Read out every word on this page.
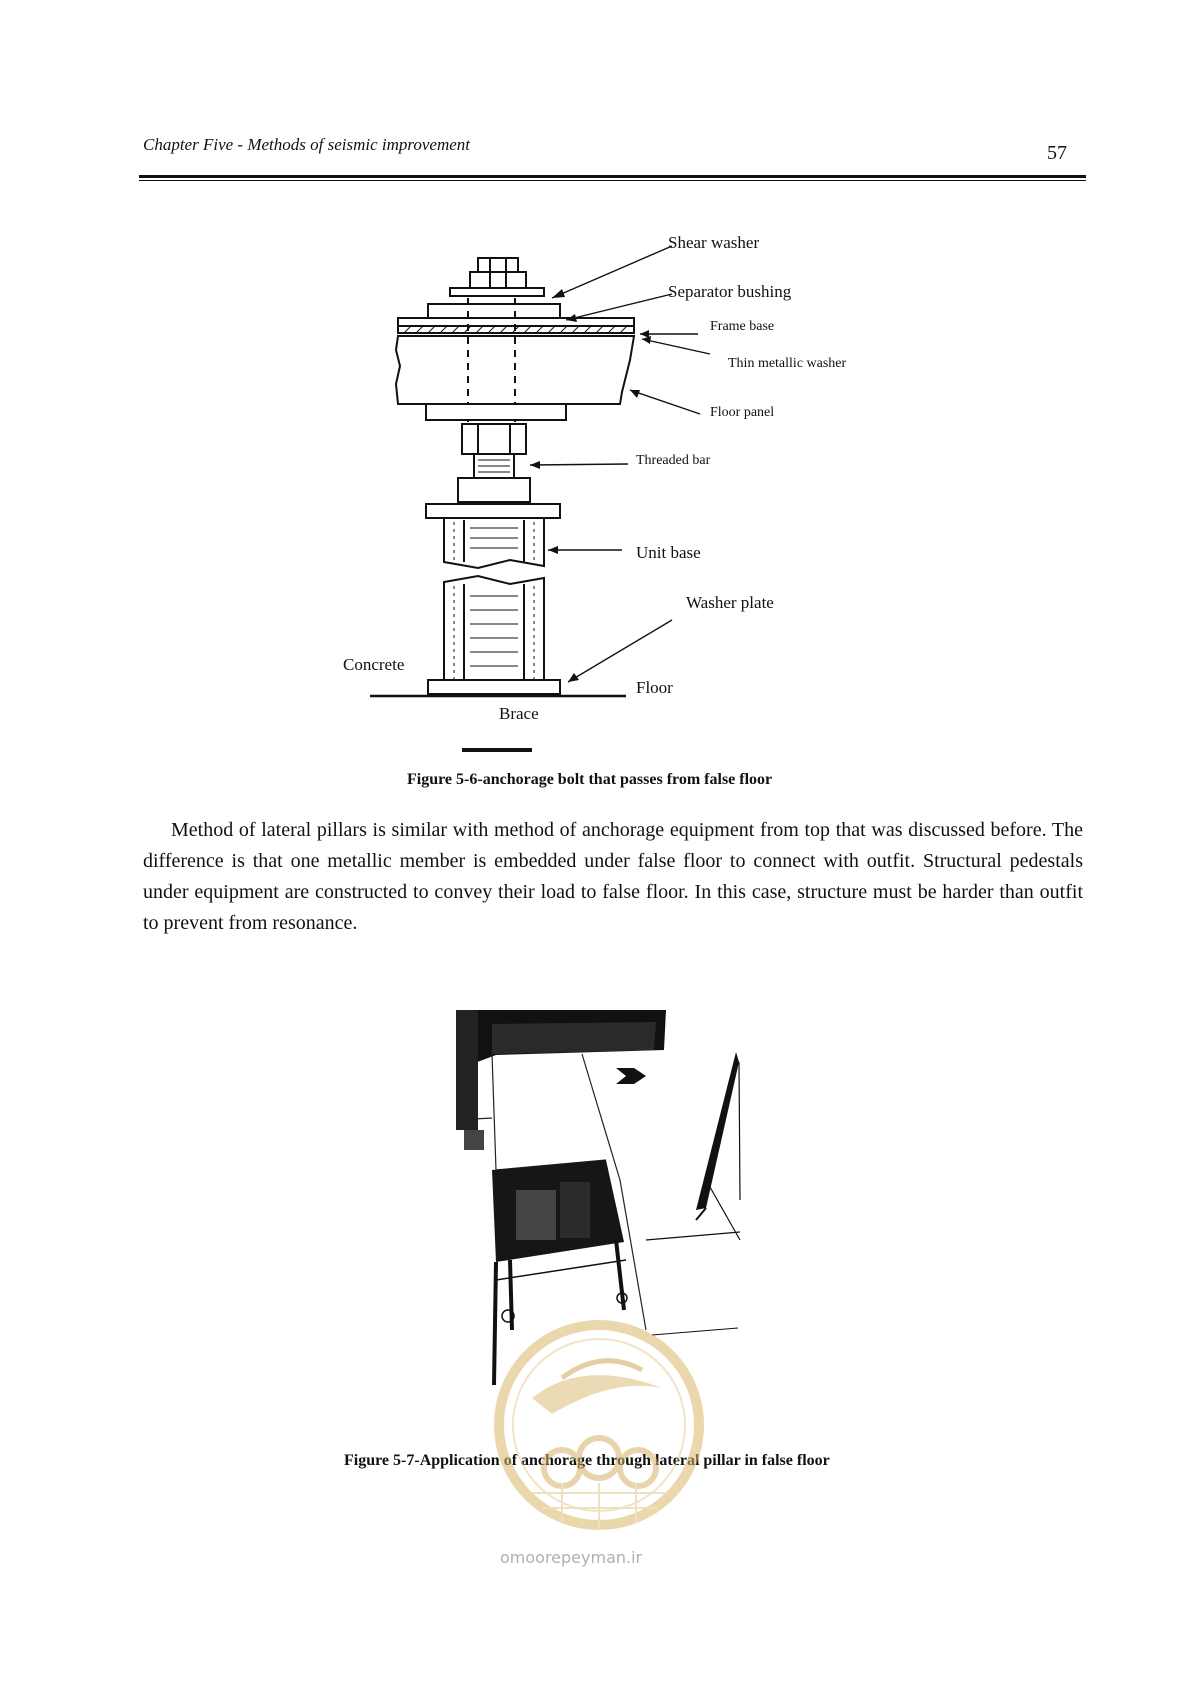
Chapter Five - Methods of seismic improvement	57
Shear washer
Separator bushing
Frame base
Thin metallic washer
Floor panel
Threaded bar
Unit base
Washer plate
Concrete
Floor
Brace
Figure 5-6-anchorage bolt that passes from false floor

Method of lateral pillars is similar with method of anchorage equipment from top that was discussed before. The difference is that one metallic member is embedded under false floor to connect with outfit. Structural pedestals under equipment are constructed to convey their load to false floor. In this case, structure must be harder than outfit to prevent from resonance.

Figure 5-7-Application of anchorage through lateral pillar in false floor
omoorepeyman.ir
